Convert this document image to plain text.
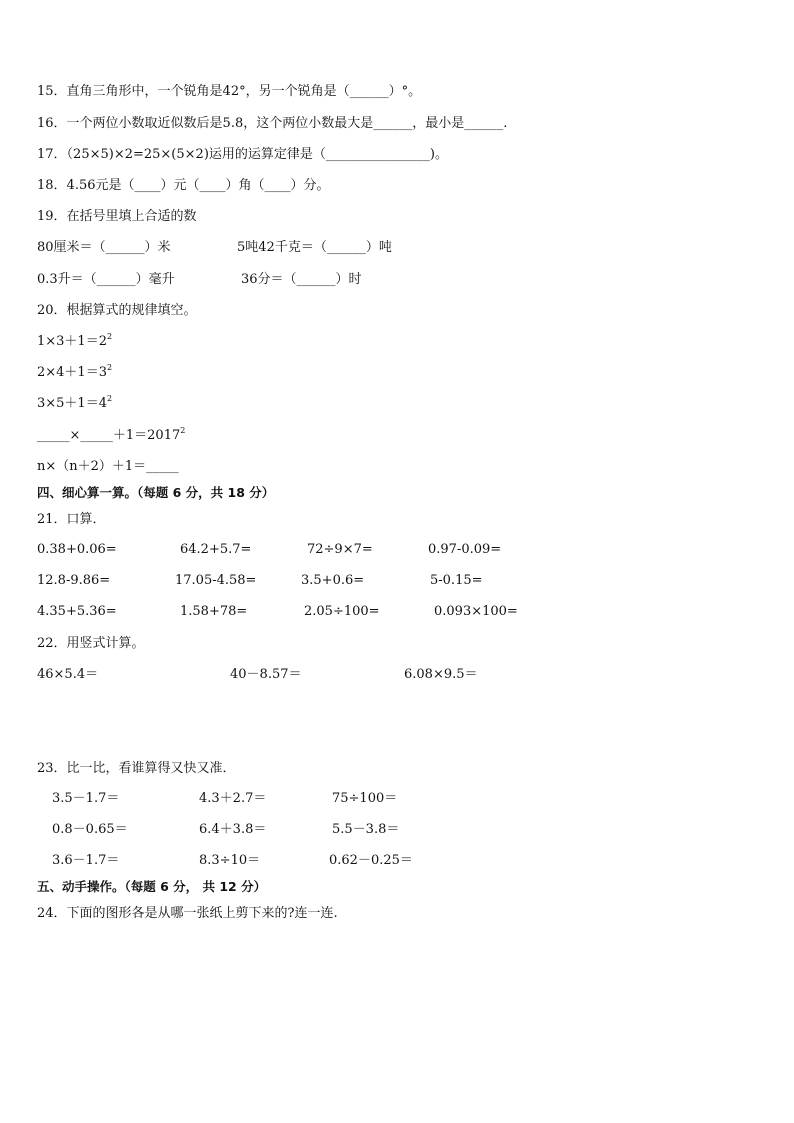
15．直角三角形中，一个锐角是42°，另一个锐角是（______）°。
16．一个两位小数取近似数后是5.8，这个两位小数最大是______，最小是______.
17．（25×5)×2=25×(5×2)运用的运算定律是（________________)。
18．4.56元是（____）元（____）角（____）分。
19．在括号里填上合适的数
80厘米＝（______）米	5吨42千克＝（______）吨
0.3升＝（______）毫升	36分＝（______）时
20．根据算式的规律填空。
$1\times 3+1=2^2$
$2\times 4+1=3^2$
$3\times 5+1=4^2$
$\_\_\_\_\_\times\_\_\_\_\_+1=2017^2$
n×（n＋2）＋1＝_____
四、细心算一算。（每题 6 分，共 18 分）
21．口算．
0.38+0.06=	64.2+5.7=	72÷9×7=	0.97-0.09=
12.8-9.86=	17.05-4.58=	3.5+0.6=	5-0.15=
4.35+5.36=	1.58+78=	2.05÷100=	0.093×100=
22．用竖式计算。
46×5.4＝	40－8.57＝	6.08×9.5＝
23．比一比，看谁算得又快又准．
3.5－1.7＝	4.3＋2.7＝	75÷100＝
0.8－0.65＝	6.4＋3.8＝	5.5－3.8＝
3.6－1.7＝	8.3÷10＝	0.62－0.25＝
五、动手操作。（每题 6 分， 共 12 分）
24．下面的图形各是从哪一张纸上剪下来的?连一连.
